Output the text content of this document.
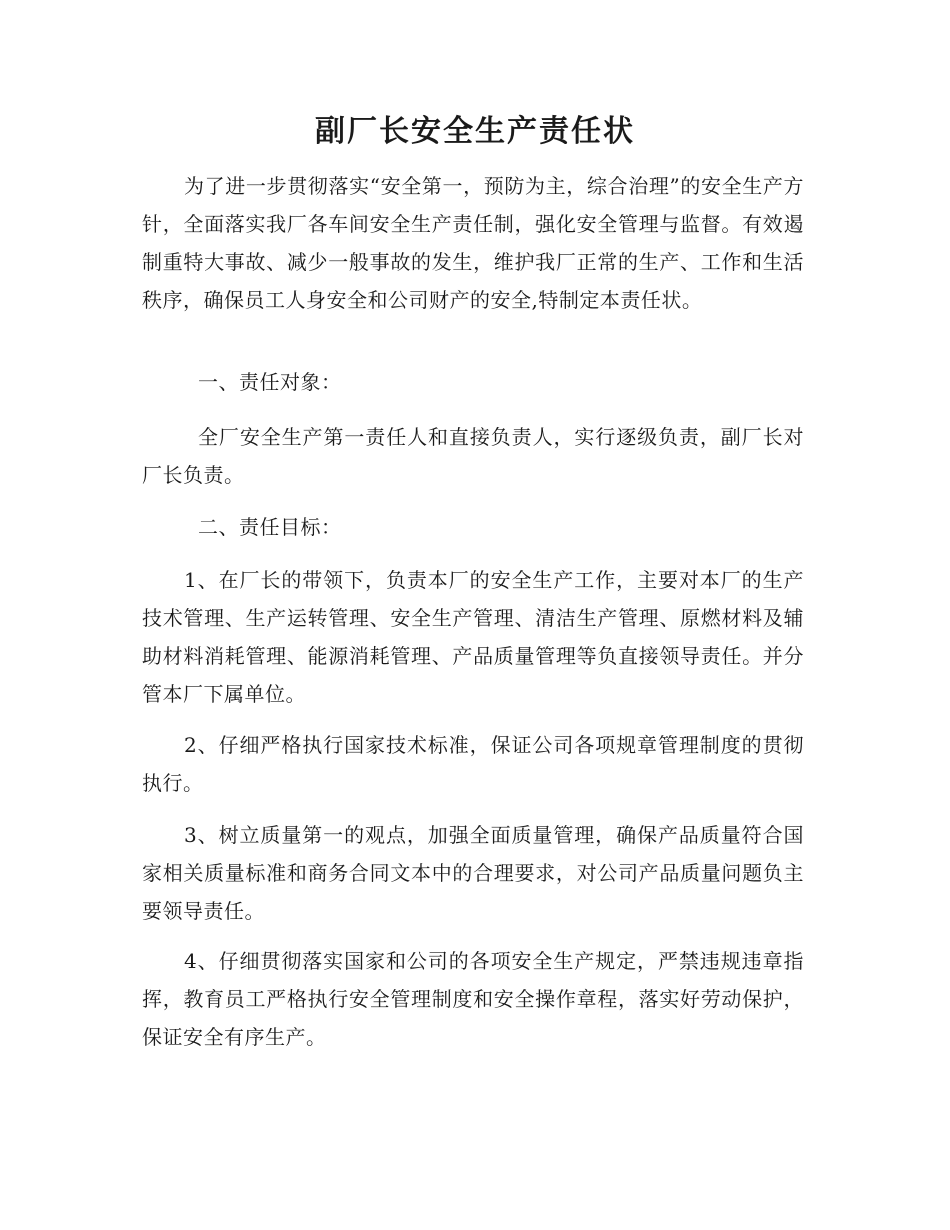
副厂长安全生产责任状

为了进一步贯彻落实“安全第一，预防为主，综合治理”的安全生产方针，全面落实我厂各车间安全生产责任制，强化安全管理与监督。有效遏制重特大事故、减少一般事故的发生，维护我厂正常的生产、工作和生活秩序，确保员工人身安全和公司财产的安全,特制定本责任状。

一、责任对象：

全厂安全生产第一责任人和直接负责人，实行逐级负责，副厂长对厂长负责。

二、责任目标：

1、在厂长的带领下，负责本厂的安全生产工作，主要对本厂的生产技术管理、生产运转管理、安全生产管理、清洁生产管理、原燃材料及辅助材料消耗管理、能源消耗管理、产品质量管理等负直接领导责任。并分管本厂下属单位。

2、仔细严格执行国家技术标准，保证公司各项规章管理制度的贯彻执行。

3、树立质量第一的观点，加强全面质量管理，确保产品质量符合国家相关质量标准和商务合同文本中的合理要求，对公司产品质量问题负主要领导责任。

4、仔细贯彻落实国家和公司的各项安全生产规定，严禁违规违章指挥，教育员工严格执行安全管理制度和安全操作章程，落实好劳动保护，保证安全有序生产。
